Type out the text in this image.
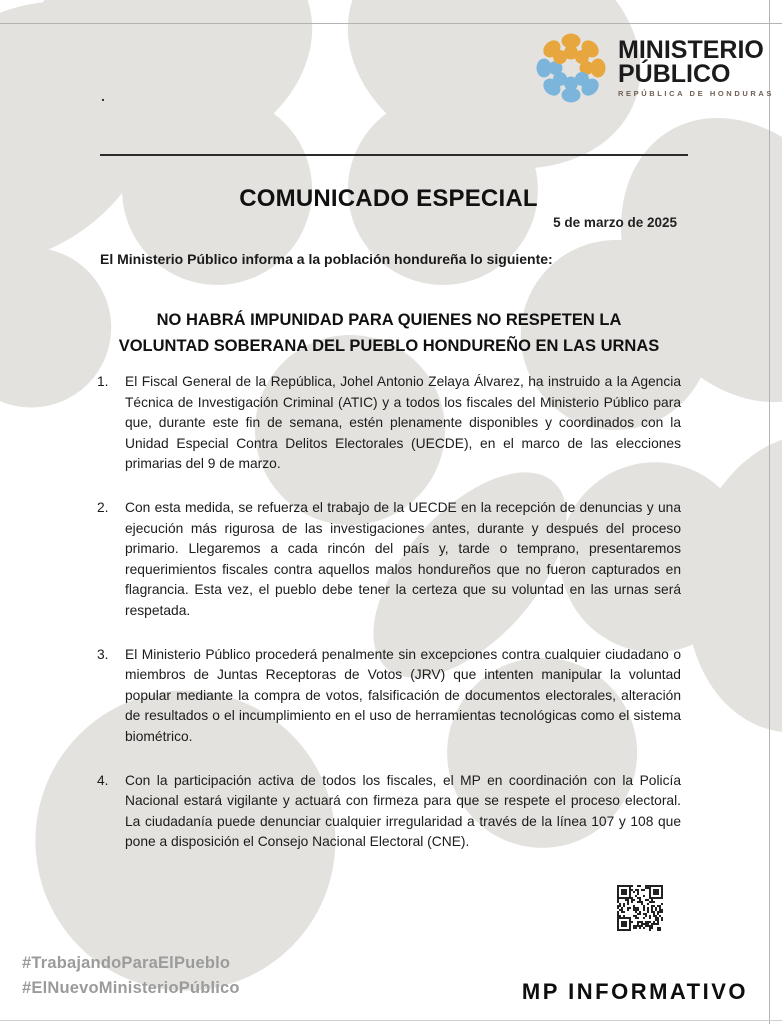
MINISTERIO
PÚBLICO
REPÚBLICA DE HONDURAS
.
COMUNICADO ESPECIAL
5 de marzo de 2025
El Ministerio Público informa a la población hondureña lo siguiente:
NO HABRÁ IMPUNIDAD PARA QUIENES NO RESPETEN LA
VOLUNTAD SOBERANA DEL PUEBLO HONDUREÑO EN LAS URNAS
1.	El Fiscal General de la República, Johel Antonio Zelaya Álvarez, ha instruido a la Agencia Técnica de Investigación Criminal (ATIC) y a todos los fiscales del Ministerio Público para que, durante este fin de semana, estén plenamente disponibles y coordinados con la Unidad Especial Contra Delitos Electorales (UECDE), en el marco de las elecciones primarias del 9 de marzo.

2.	Con esta medida, se refuerza el trabajo de la UECDE en la recepción de denuncias y una ejecución más rigurosa de las investigaciones antes, durante y después del proceso primario. Llegaremos a cada rincón del país y, tarde o temprano, presentaremos requerimientos fiscales contra aquellos malos hondureños que no fueron capturados en flagrancia. Esta vez, el pueblo debe tener la certeza que su voluntad en las urnas será respetada.

3.	El Ministerio Público procederá penalmente sin excepciones contra cualquier ciudadano o miembros de Juntas Receptoras de Votos (JRV) que intenten manipular la voluntad popular mediante la compra de votos, falsificación de documentos electorales, alteración de resultados o el incumplimiento en el uso de herramientas tecnológicas como el sistema biométrico.

4.	Con la participación activa de todos los fiscales, el MP en coordinación con la Policía Nacional estará vigilante y actuará con firmeza para que se respete el proceso electoral. La ciudadanía puede denunciar cualquier irregularidad a través de la línea 107 y 108 que pone a disposición el Consejo Nacional Electoral (CNE).

#TrabajandoParaElPueblo
#ElNuevoMinisterioPúblico	MP INFORMATIVO
